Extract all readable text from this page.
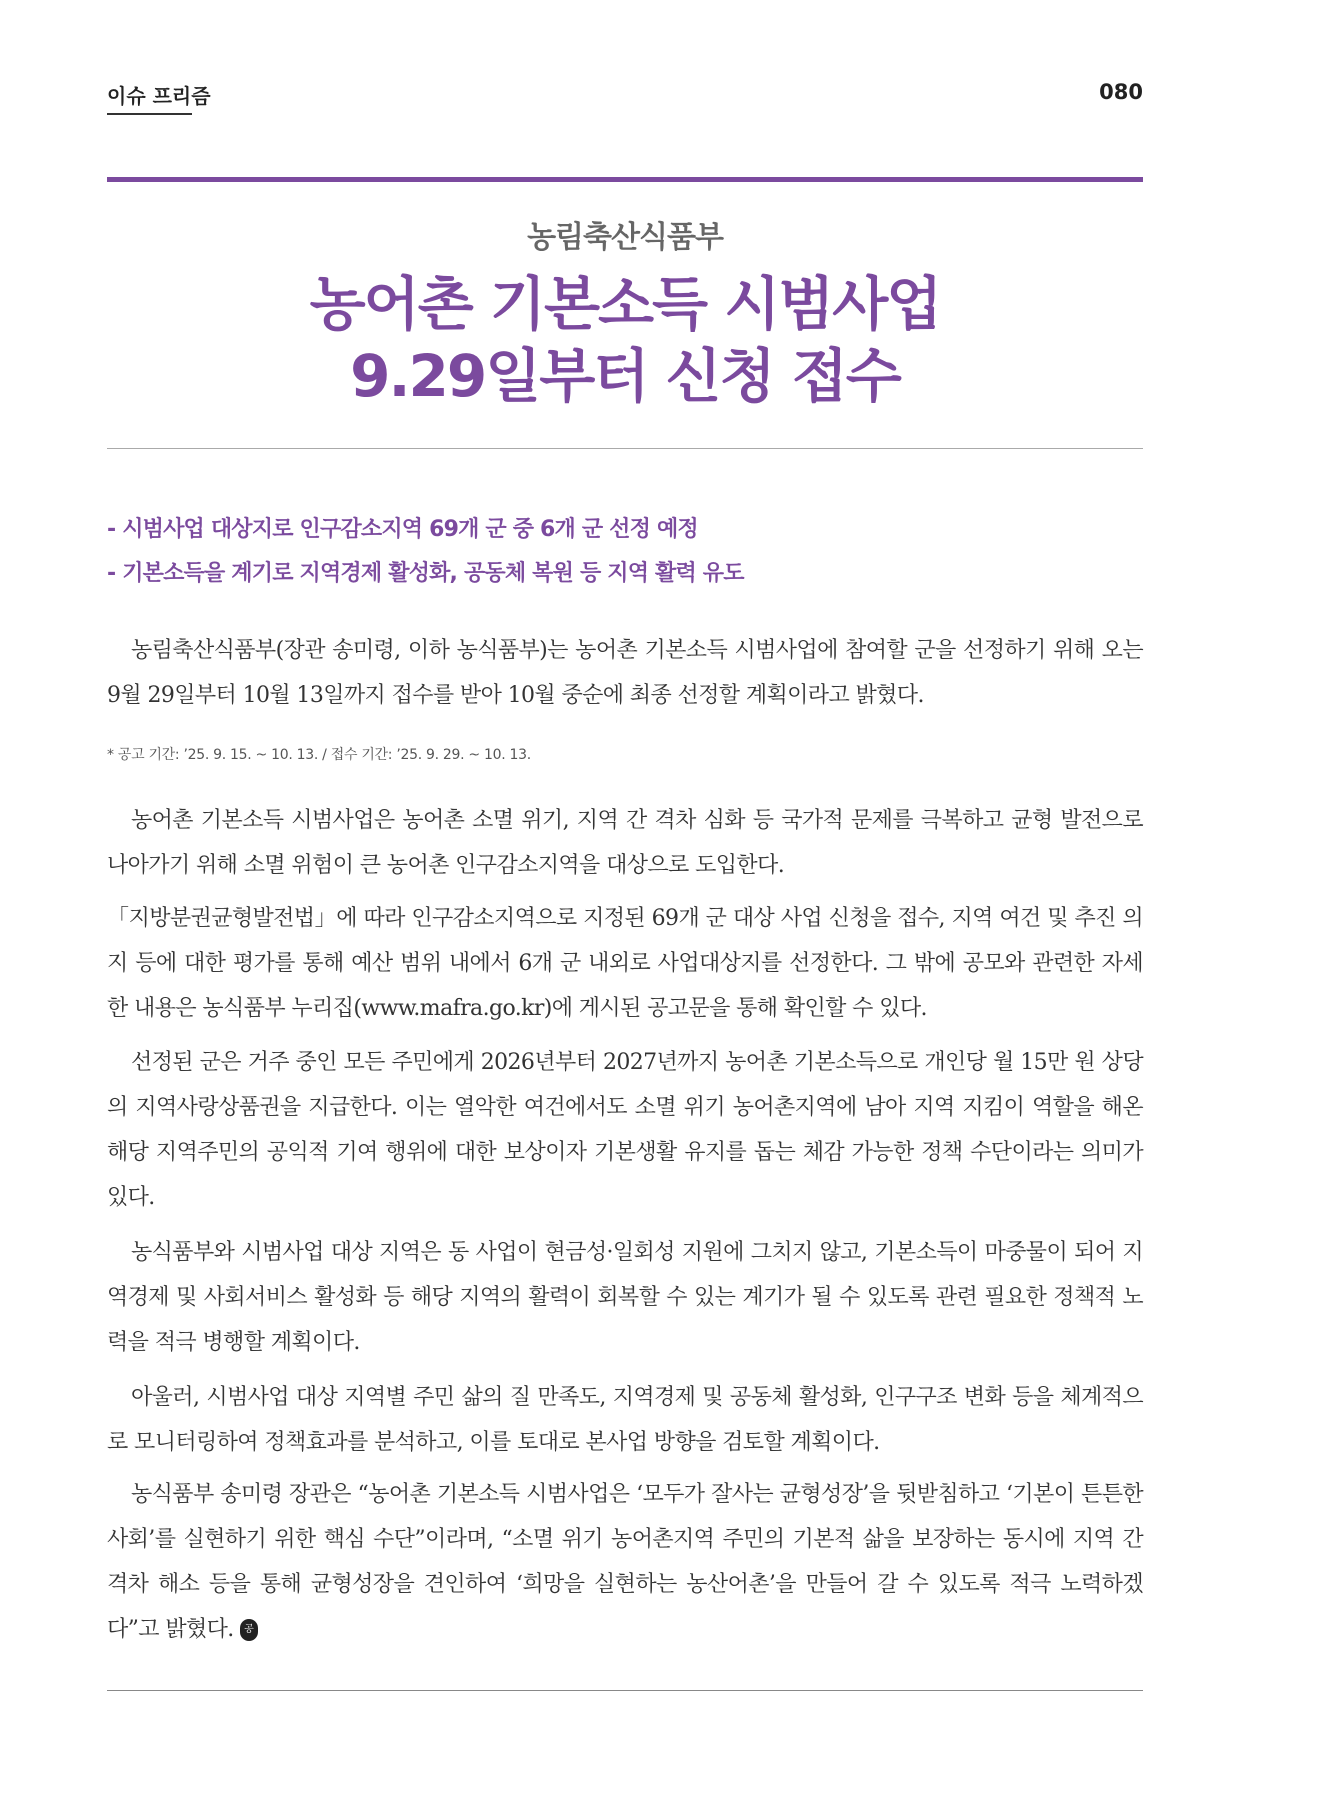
이슈 프리즘	080
농림축산식품부
농어촌 기본소득 시범사업
9.29일부터 신청 접수
- 시범사업 대상지로 인구감소지역 69개 군 중 6개 군 선정 예정
- 기본소득을 계기로 지역경제 활성화, 공동체 복원 등 지역 활력 유도

농림축산식품부(장관 송미령, 이하 농식품부)는 농어촌 기본소득 시범사업에 참여할 군을 선정하기 위해 오는 9월 29일부터 10월 13일까지 접수를 받아 10월 중순에 최종 선정할 계획이라고 밝혔다.

* 공고 기간: ’25. 9. 15. ~ 10. 13. / 접수 기간: ’25. 9. 29. ~ 10. 13.

농어촌 기본소득 시범사업은 농어촌 소멸 위기, 지역 간 격차 심화 등 국가적 문제를 극복하고 균형 발전으로 나아가기 위해 소멸 위험이 큰 농어촌 인구감소지역을 대상으로 도입한다.

「지방분권균형발전법」에 따라 인구감소지역으로 지정된 69개 군 대상 사업 신청을 접수, 지역 여건 및 추진 의지 등에 대한 평가를 통해 예산 범위 내에서 6개 군 내외로 사업대상지를 선정한다. 그 밖에 공모와 관련한 자세한 내용은 농식품부 누리집(www.mafra.go.kr)에 게시된 공고문을 통해 확인할 수 있다.

선정된 군은 거주 중인 모든 주민에게 2026년부터 2027년까지 농어촌 기본소득으로 개인당 월 15만 원 상당의 지역사랑상품권을 지급한다. 이는 열악한 여건에서도 소멸 위기 농어촌지역에 남아 지역 지킴이 역할을 해온 해당 지역주민의 공익적 기여 행위에 대한 보상이자 기본생활 유지를 돕는 체감 가능한 정책 수단이라는 의미가 있다.

농식품부와 시범사업 대상 지역은 동 사업이 현금성·일회성 지원에 그치지 않고, 기본소득이 마중물이 되어 지역경제 및 사회서비스 활성화 등 해당 지역의 활력이 회복할 수 있는 계기가 될 수 있도록 관련 필요한 정책적 노력을 적극 병행할 계획이다.

아울러, 시범사업 대상 지역별 주민 삶의 질 만족도, 지역경제 및 공동체 활성화, 인구구조 변화 등을 체계적으로 모니터링하여 정책효과를 분석하고, 이를 토대로 본사업 방향을 검토할 계획이다.

농식품부 송미령 장관은 “농어촌 기본소득 시범사업은 ‘모두가 잘사는 균형성장’을 뒷받침하고 ‘기본이 튼튼한 사회’를 실현하기 위한 핵심 수단”이라며, “소멸 위기 농어촌지역 주민의 기본적 삶을 보장하는 동시에 지역 간 격차 해소 등을 통해 균형성장을 견인하여 ‘희망을 실현하는 농산어촌’을 만들어 갈 수 있도록 적극 노력하겠다”고 밝혔다. 공감
